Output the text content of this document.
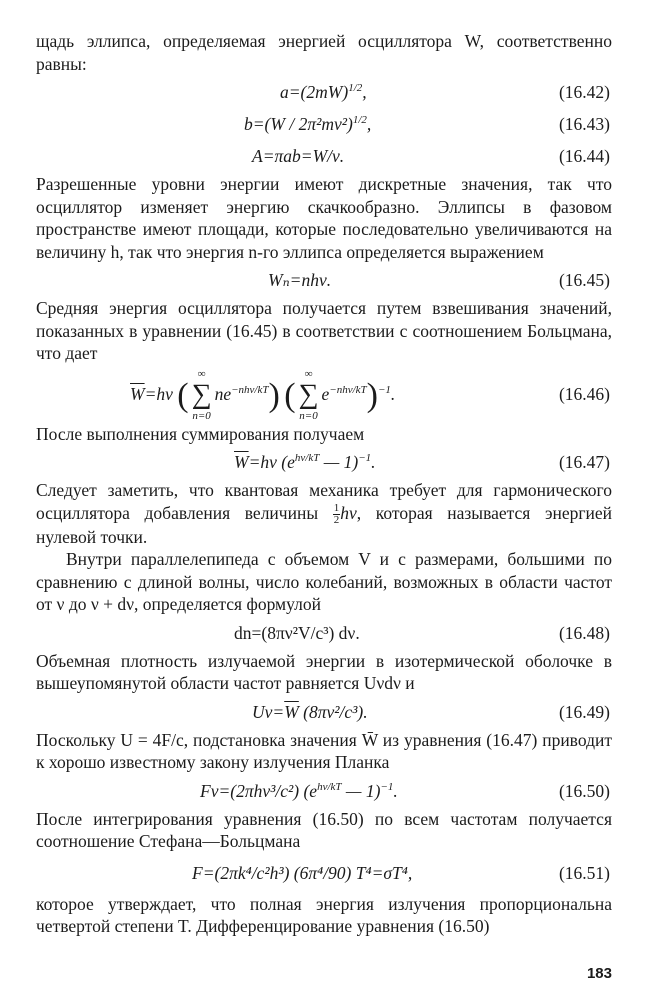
щадь эллипса, определяемая энергией осциллятора W, соответственно равны:

$a=(2mW)^{1/2}$,	(16.42)
b=(W / 2π²mν²)$^{1/2}$,	(16.43)
A=πab=W/ν.	(16.44)

Разрешенные уровни энергии имеют дискретные значения, так что осциллятор изменяет энергию скачкообразно. Эллипсы в фазовом пространстве имеют площади, которые последовательно увеличиваются на величину h, так что энергия n-го эллипса определяется выражением

Wₙ=nhν.	(16.45)

Средняя энергия осциллятора получается путем взвешивания значений, показанных в уравнении (16.45) в соответствии с соотношением Больцмана, что дает

$\overline{W}=h\nu$ (
∞
∑
n=0
$ne^{-nh\nu/kT}$) (
∞
∑
n=0
$e^{-nh\nu/kT})^{-1}$.	(16.46)

После выполнения суммирования получаем

$\overline{W}=h\nu$ ($e^{h\nu/kT}$ — 1)$^{-1}$.	(16.47)

Следует заметить, что квантовая механика требует для гармонического осциллятора добавления величины $\frac{1}{2} h\nu$, которая называется энергией нулевой точки.

Внутри параллелепипеда с объемом V и с размерами, большими по сравнению с длиной волны, число колебаний, возможных в области частот от ν до ν + dν, определяется формулой

dn=(8πν²V/c³) dν.	(16.48)

Объемная плотность излучаемой энергии в изотермической оболочке в вышеупомянутой области частот равняется Uνdν и

$U\nu=\overline{W}$ (8πν²/c³).	(16.49)

Поскольку U = 4F/c, подстановка значения W̄ из уравнения (16.47) приводит к хорошо известному закону излучения Планка

Fν=(2πhν³/c²) ($e^{h\nu/kT}$ — 1)$^{-1}$.	(16.50)

После интегрирования уравнения (16.50) по всем частотам получается соотношение Стефана—Больцмана

F=(2πk⁴/c²h³) (6π⁴/90) T⁴=σT⁴,	(16.51)

которое утверждает, что полная энергия излучения пропорциональна четвертой степени T. Дифференцирование уравнения (16.50)

183
